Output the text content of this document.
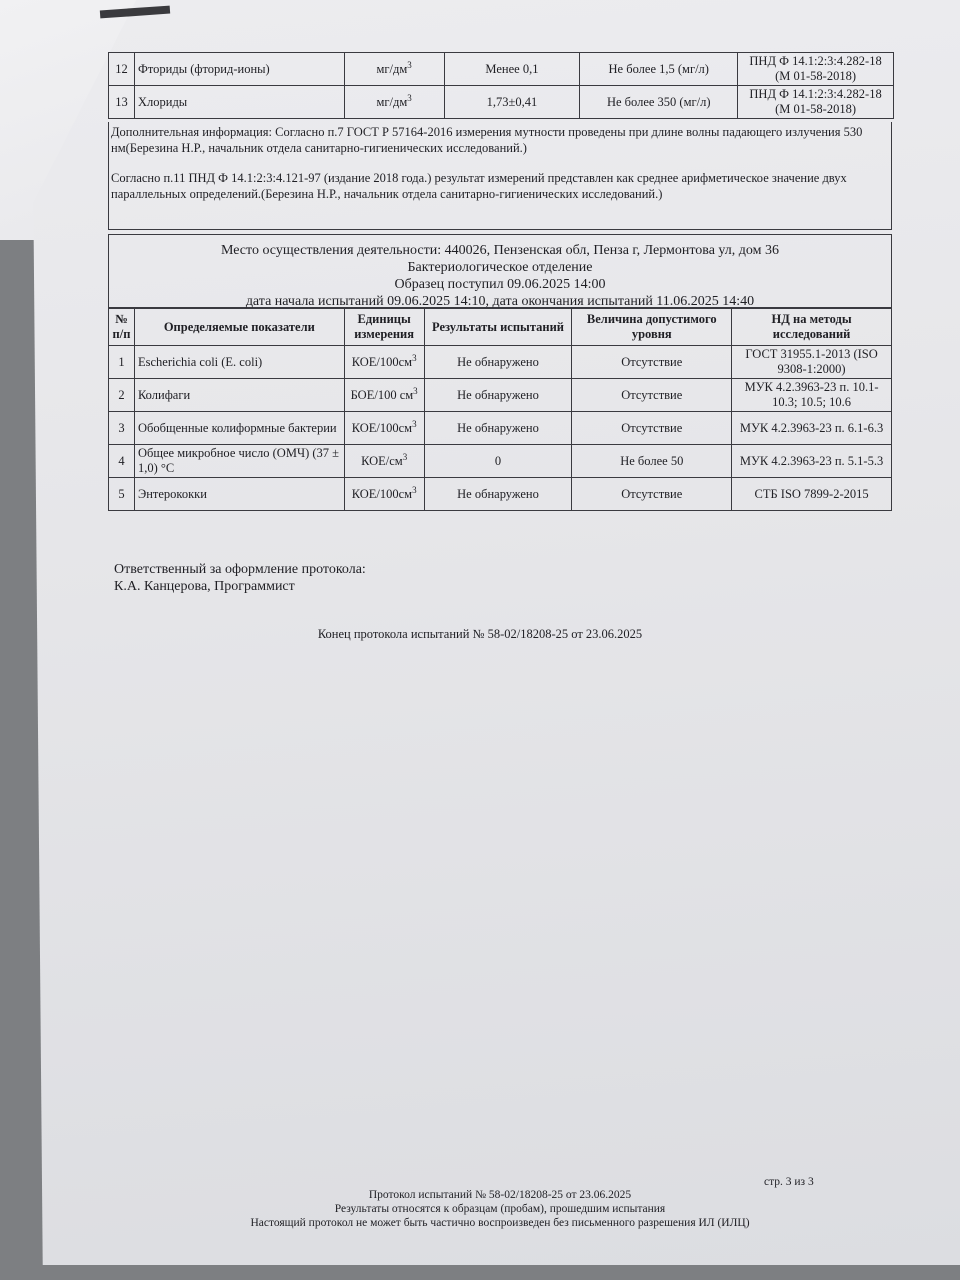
12	Фториды (фторид-ионы)	$мг/дм^3$	Менее 0,1	Не более 1,5 (мг/л)	ПНД Ф 14.1:2:3:4.282-18 (М 01-58-2018)
13	Хлориды	$мг/дм^3$	1,73±0,41	Не более 350 (мг/л)	ПНД Ф 14.1:2:3:4.282-18 (М 01-58-2018)

Дополнительная информация: Согласно п.7 ГОСТ Р 57164-2016 измерения мутности проведены при длине волны падающего излучения 530 нм(Березина Н.Р., начальник отдела санитарно-гигиенических исследований.)

Согласно п.11 ПНД Ф 14.1:2:3:4.121-97 (издание 2018 года.) результат измерений представлен как среднее арифметическое значение двух параллельных определений.(Березина Н.Р., начальник отдела санитарно-гигиенических исследований.)

Место осуществления деятельности: 440026, Пензенская обл, Пенза г, Лермонтова ул, дом 36
Бактериологическое отделение
Образец поступил 09.06.2025 14:00
дата начала испытаний 09.06.2025 14:10, дата окончания испытаний 11.06.2025 14:40
№ п/п	Определяемые показатели	Единицы измерения	Результаты испытаний	Величина допустимого уровня	НД на методы исследований
1	Escherichia coli (E. coli)	КОЕ/$100см^3$	Не обнаружено	Отсутствие	ГОСТ 31955.1-2013 (ISO 9308-1:2000)
2	Колифаги	БОЕ/100 $см^3$	Не обнаружено	Отсутствие	МУК 4.2.3963-23 п. 10.1-10.3; 10.5; 10.6
3	Обобщенные колиформные бактерии	КОЕ/$100см^3$	Не обнаружено	Отсутствие	МУК 4.2.3963-23 п. 6.1-6.3
4	Общее микробное число (ОМЧ) (37 ± 1,0) °С	КОЕ/$см^3$	0	Не более 50	МУК 4.2.3963-23 п. 5.1-5.3
5	Энтерококки	КОЕ/$100см^3$	Не обнаружено	Отсутствие	СТБ ISO 7899-2-2015
Ответственный за оформление протокола:
К.А. Канцерова, Программист
Конец протокола испытаний № 58-02/18208-25 от 23.06.2025
стр. 3 из 3
Протокол испытаний № 58-02/18208-25 от 23.06.2025
Результаты относятся к образцам (пробам), прошедшим испытания
Настоящий протокол не может быть частично воспроизведен без письменного разрешения ИЛ (ИЛЦ)
